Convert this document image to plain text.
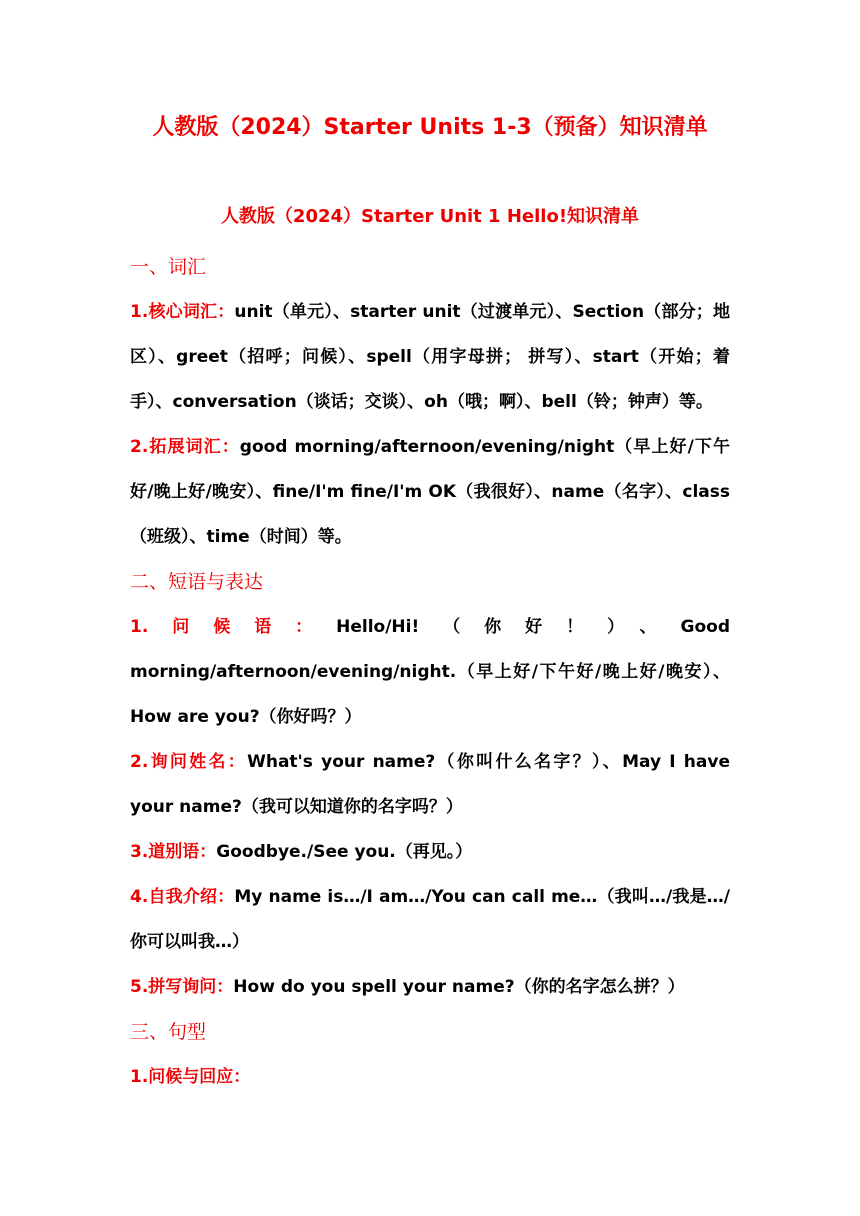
人教版（2024）Starter Units 1-3（预备）知识清单
人教版（2024）Starter Unit 1 Hello!知识清单

一、词汇

1.核心词汇：unit（单元）、starter unit（过渡单元）、Section（部分；地区）、greet（招呼；问候）、spell（用字母拼； 拼写）、start（开始；着手）、conversation（谈话；交谈）、oh（哦；啊）、bell（铃；钟声）等。

2.拓展词汇：good morning/afternoon/evening/night（早上好/下午好/晚上好/晚安）、fine/I'm fine/I'm OK（我很好）、name（名字）、class（班级）、time（时间）等。

二、短语与表达

1.问候语：Hello/Hi!（你好！）、Good morning/afternoon/evening/night.（早上好/下午好/晚上好/晚安）、How are you?（你好吗？）

2.询问姓名：What's your name?（你叫什么名字？）、May I have your name?（我可以知道你的名字吗？）

3.道别语：Goodbye./See you.（再见。）

4.自我介绍：My name is…/I am…/You can call me…（我叫…/我是…/你可以叫我…）

5.拼写询问：How do you spell your name?（你的名字怎么拼？）

三、句型

1.问候与回应：
